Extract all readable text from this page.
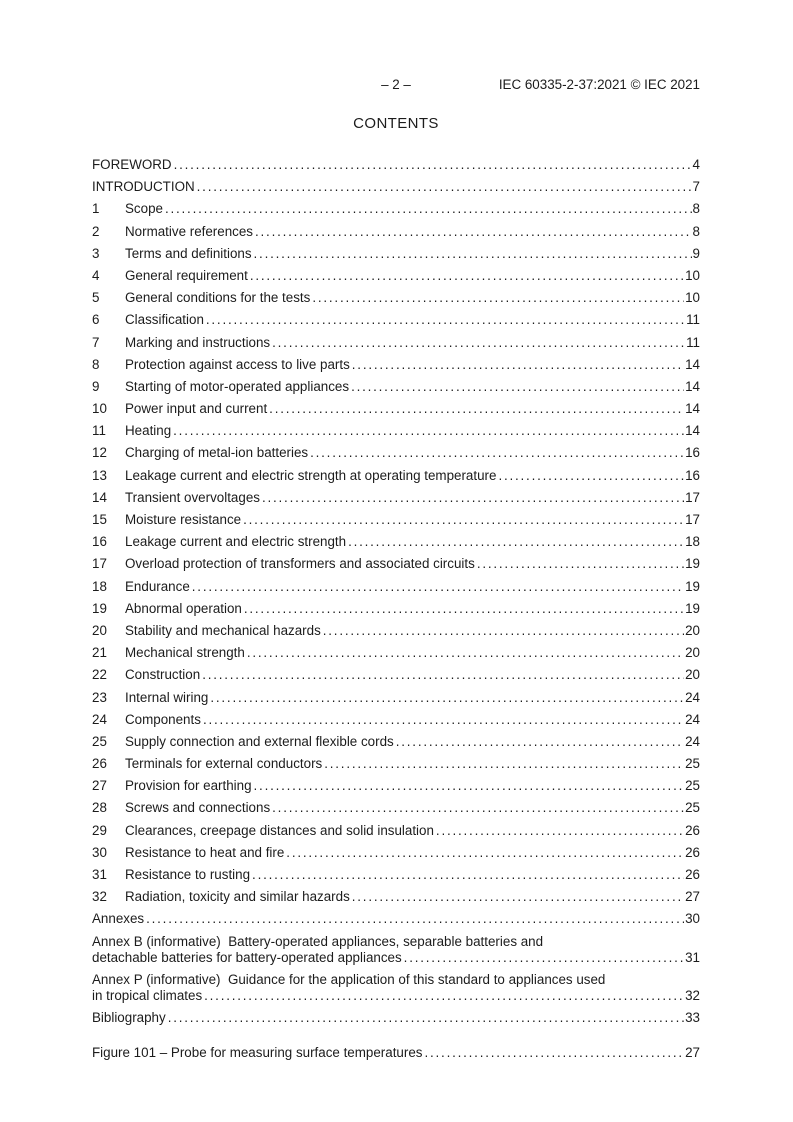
– 2 –	IEC 60335-2-37:2021 © IEC 2021
CONTENTS
FOREWORD .....	4
INTRODUCTION .....	7
1	Scope .....	8
2	Normative references .....	8
3	Terms and definitions .....	9
4	General requirement .....	10
5	General conditions for the tests .....	10
6	Classification .....	11
7	Marking and instructions .....	11
8	Protection against access to live parts .....	14
9	Starting of motor-operated appliances .....	14
10	Power input and current .....	14
11	Heating .....	14
12	Charging of metal-ion batteries .....	16
13	Leakage current and electric strength at operating temperature .....	16
14	Transient overvoltages .....	17
15	Moisture resistance .....	17
16	Leakage current and electric strength .....	18
17	Overload protection of transformers and associated circuits .....	19
18	Endurance .....	19
19	Abnormal operation .....	19
20	Stability and mechanical hazards .....	20
21	Mechanical strength .....	20
22	Construction .....	20
23	Internal wiring .....	24
24	Components .....	24
25	Supply connection and external flexible cords .....	24
26	Terminals for external conductors .....	25
27	Provision for earthing .....	25
28	Screws and connections .....	25
29	Clearances, creepage distances and solid insulation .....	26
30	Resistance to heat and fire .....	26
31	Resistance to rusting .....	26
32	Radiation, toxicity and similar hazards .....	27
Annexes .....	30
Annex B (informative)  Battery-operated appliances, separable batteries and
detachable batteries for battery-operated appliances .....	31
Annex P (informative)  Guidance for the application of this standard to appliances used
in tropical climates .....	32
Bibliography .....	33
Figure 101 – Probe for measuring surface temperatures .....	27
